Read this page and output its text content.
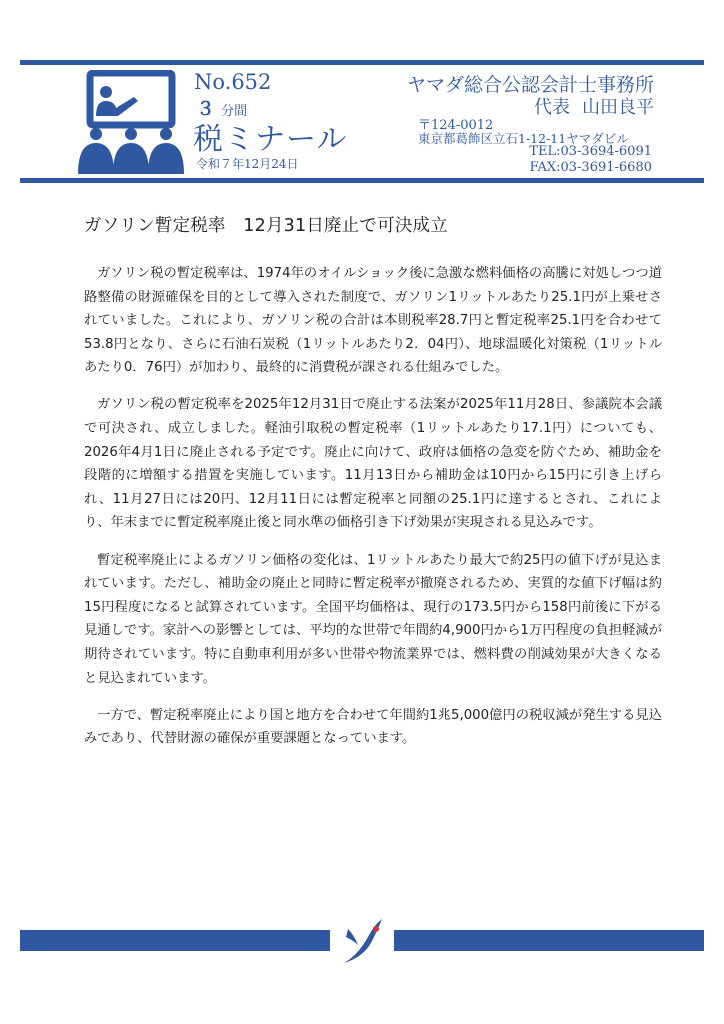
No.652
３ 分間
税ミナール
令和７年12月24日
ヤマダ総合公認会計士事務所
代表 山田良平
〒124-0012
東京都葛飾区立石1-12-11ヤマダビル
TEL:03-3694-6091
FAX:03-3691-6680
ガソリン暫定税率　12月31日廃止で可決成立

ガソリン税の暫定税率は、1974年のオイルショック後に急激な燃料価格の高騰に対処しつつ道路整備の財源確保を目的として導入された制度で、ガソリン1リットルあたり25.1円が上乗せされていました。これにより、ガソリン税の合計は本則税率28.7円と暫定税率25.1円を合わせて53.8円となり、さらに石油石炭税（1リットルあたり2．04円）、地球温暖化対策税（1リットルあたり0．76円）が加わり、最終的に消費税が課される仕組みでした。

ガソリン税の暫定税率を2025年12月31日で廃止する法案が2025年11月28日、参議院本会議で可決され、成立しました。軽油引取税の暫定税率（1リットルあたり17.1円）についても、2026年4月1日に廃止される予定です。廃止に向けて、政府は価格の急変を防ぐため、補助金を段階的に増額する措置を実施しています。11月13日から補助金は10円から15円に引き上げられ、11月27日には20円、12月11日には暫定税率と同額の25.1円に達するとされ、これにより、年末までに暫定税率廃止後と同水準の価格引き下げ効果が実現される見込みです。

暫定税率廃止によるガソリン価格の変化は、1リットルあたり最大で約25円の値下げが見込まれています。ただし、補助金の廃止と同時に暫定税率が撤廃されるため、実質的な値下げ幅は約15円程度になると試算されています。全国平均価格は、現行の173.5円から158円前後に下がる見通しです。家計への影響としては、平均的な世帯で年間約4,900円から1万円程度の負担軽減が期待されています。特に自動車利用が多い世帯や物流業界では、燃料費の削減効果が大きくなると見込まれています。

一方で、暫定税率廃止により国と地方を合わせて年間約1兆5,000億円の税収減が発生する見込みであり、代替財源の確保が重要課題となっています。
